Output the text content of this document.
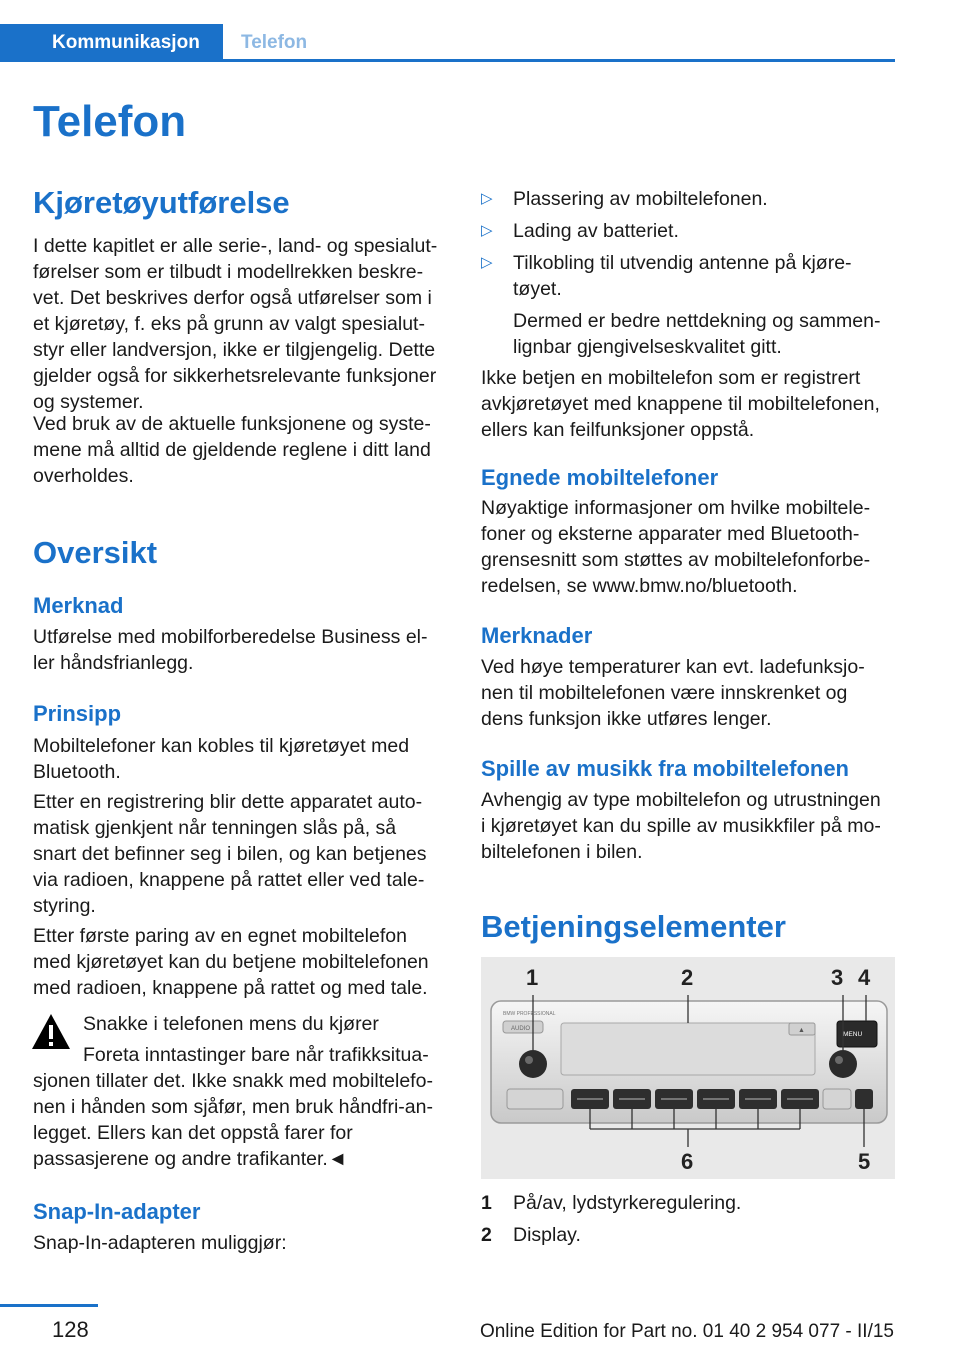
Kommunikasjon	Telefon
Telefon
Kjøretøyutførelse
I dette kapitlet er alle serie-, land- og spesialut-
førelser som er tilbudt i modellrekken beskre-
vet. Det beskrives derfor også utførelser som i
et kjøretøy, f. eks på grunn av valgt spesialut-
styr eller landversjon, ikke er tilgjengelig. Dette
gjelder også for sikkerhetsrelevante funksjoner
og systemer.
Ved bruk av de aktuelle funksjonene og syste-
mene må alltid de gjeldende reglene i ditt land
overholdes.
Oversikt
Merknad
Utførelse med mobilforberedelse Business el-
ler håndsfrianlegg.
Prinsipp
Mobiltelefoner kan kobles til kjøretøyet med
Bluetooth.
Etter en registrering blir dette apparatet auto-
matisk gjenkjent når tenningen slås på, så
snart det befinner seg i bilen, og kan betjenes
via radioen, knappene på rattet eller ved tale-
styring.
Etter første paring av en egnet mobiltelefon
med kjøretøyet kan du betjene mobiltelefonen
med radioen, knappene på rattet og med tale.
Snakke i telefonen mens du kjører
Foreta inntastinger bare når trafikksitua-
sjonen tillater det. Ikke snakk med mobiltelefo-
nen i hånden som sjåfør, men bruk håndfri-an-
legget. Ellers kan det oppstå farer for
passasjerene og andre trafikanter.◄
Snap-In-adapter
Snap-In-adapteren muliggjør:
▷ Plassering av mobiltelefonen.
▷ Lading av batteriet.
▷ Tilkobling til utvendig antenne på kjøre-
tøyet.
Dermed er bedre nettdekning og sammen-
lignbar gjengivelseskvalitet gitt.
Ikke betjen en mobiltelefon som er registrert
avkjøretøyet med knappene til mobiltelefonen,
ellers kan feilfunksjoner oppstå.
Egnede mobiltelefoner
Nøyaktige informasjoner om hvilke mobiltele-
foner og eksterne apparater med Bluetooth-
grensesnitt som støttes av mobiltelefonforbe-
redelsen, se www.bmw.no/bluetooth.
Merknader
Ved høye temperaturer kan evt. ladefunksjo-
nen til mobiltelefonen være innskrenket og
dens funksjon ikke utføres lenger.
Spille av musikk fra mobiltelefonen
Avhengig av type mobiltelefon og utrustningen
i kjøretøyet kan du spille av musikkfiler på mo-
biltelefonen i bilen.
Betjeningselementer
BMW PROFESSIONAL
AUDIO	▲
MENU
1	2	3 4
6	5
1 På/av, lydstyrkeregulering.
2 Display.
128	Online Edition for Part no. 01 40 2 954 077 - II/15
